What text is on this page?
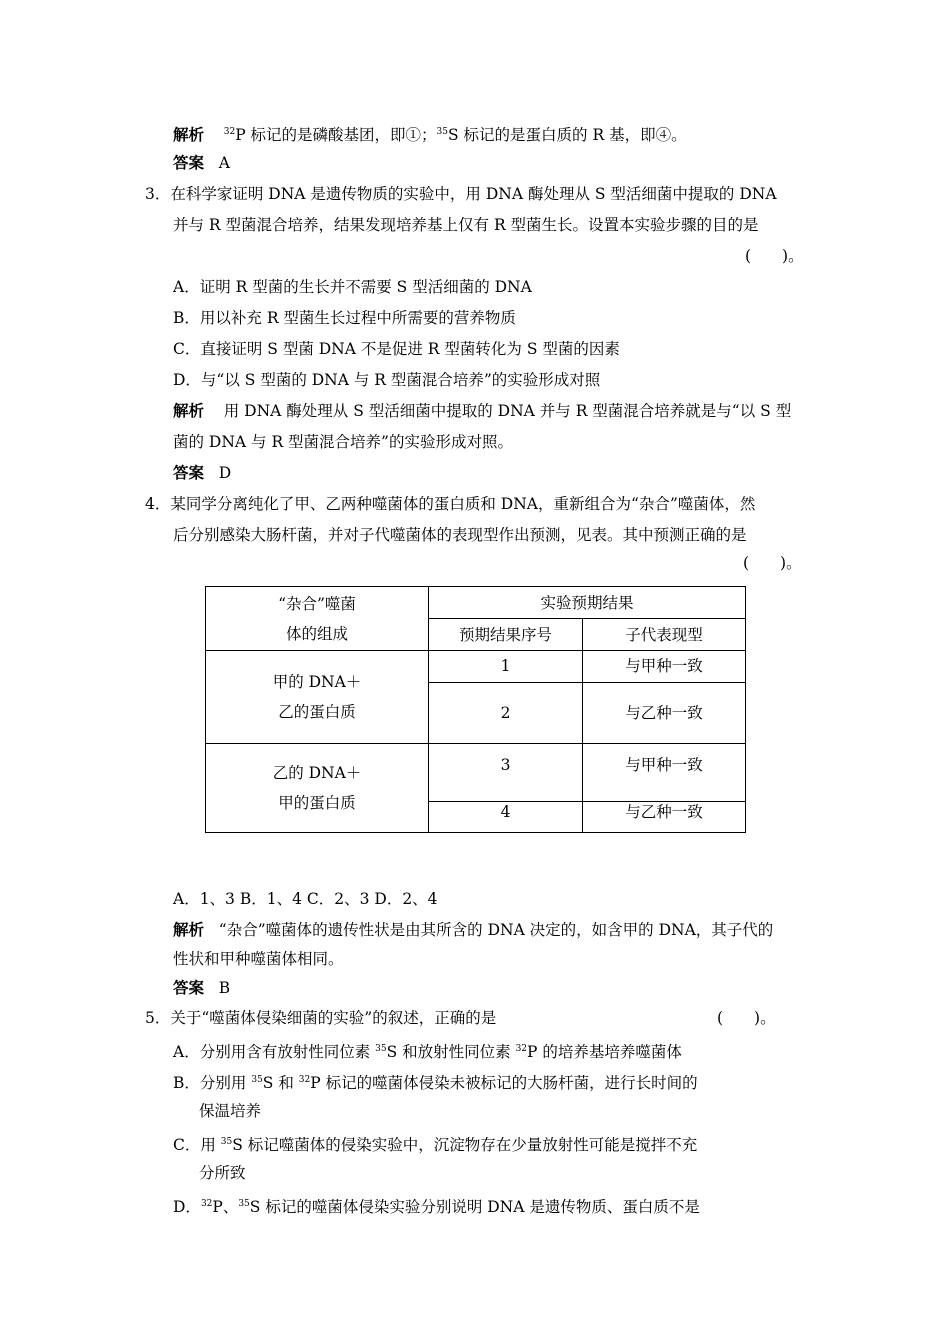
解析 $^{32}$P 标记的是磷酸基团，即①；$^{35}$S 标记的是蛋白质的 R 基，即④。
答案 A
3．在科学家证明 DNA 是遗传物质的实验中，用 DNA 酶处理从 S 型活细菌中提取的 DNA
并与 R 型菌混合培养，结果发现培养基上仅有 R 型菌生长。设置本实验步骤的目的是
(　　)。
A．证明 R 型菌的生长并不需要 S 型活细菌的 DNA
B．用以补充 R 型菌生长过程中所需要的营养物质
C．直接证明 S 型菌 DNA 不是促进 R 型菌转化为 S 型菌的因素
D．与“以 S 型菌的 DNA 与 R 型菌混合培养”的实验形成对照
解析 用 DNA 酶处理从 S 型活细菌中提取的 DNA 并与 R 型菌混合培养就是与“以 S 型
菌的 DNA 与 R 型菌混合培养”的实验形成对照。
答案 D
4．某同学分离纯化了甲、乙两种噬菌体的蛋白质和 DNA，重新组合为“杂合”噬菌体，然
后分别感染大肠杆菌，并对子代噬菌体的表现型作出预测，见表。其中预测正确的是
(　　)。
“杂合”噬菌
体的组成	实验预期结果	
	预期结果序号	子代表现型

甲的 DNA＋
乙的蛋白质	1	与甲种一致
	2	与乙种一致

乙的 DNA＋
甲的蛋白质	3	与甲种一致
	4	与乙种一致
A．1、3 B．1、4 C．2、3 D．2、4
解析 “杂合”噬菌体的遗传性状是由其所含的 DNA 决定的，如含甲的 DNA，其子代的
性状和甲种噬菌体相同。
答案 B
5．关于“噬菌体侵染细菌的实验”的叙述，正确的是	(　　)。
A．分别用含有放射性同位素 $^{35}$S 和放射性同位素 $^{32}$P 的培养基培养噬菌体
B．分别用 $^{35}$S 和 $^{32}$P 标记的噬菌体侵染未被标记的大肠杆菌，进行长时间的
保温培养
C．用 $^{35}$S 标记噬菌体的侵染实验中，沉淀物存在少量放射性可能是搅拌不充
分所致
D．$^{32}$P、$^{35}$S 标记的噬菌体侵染实验分别说明 DNA 是遗传物质、蛋白质不是
